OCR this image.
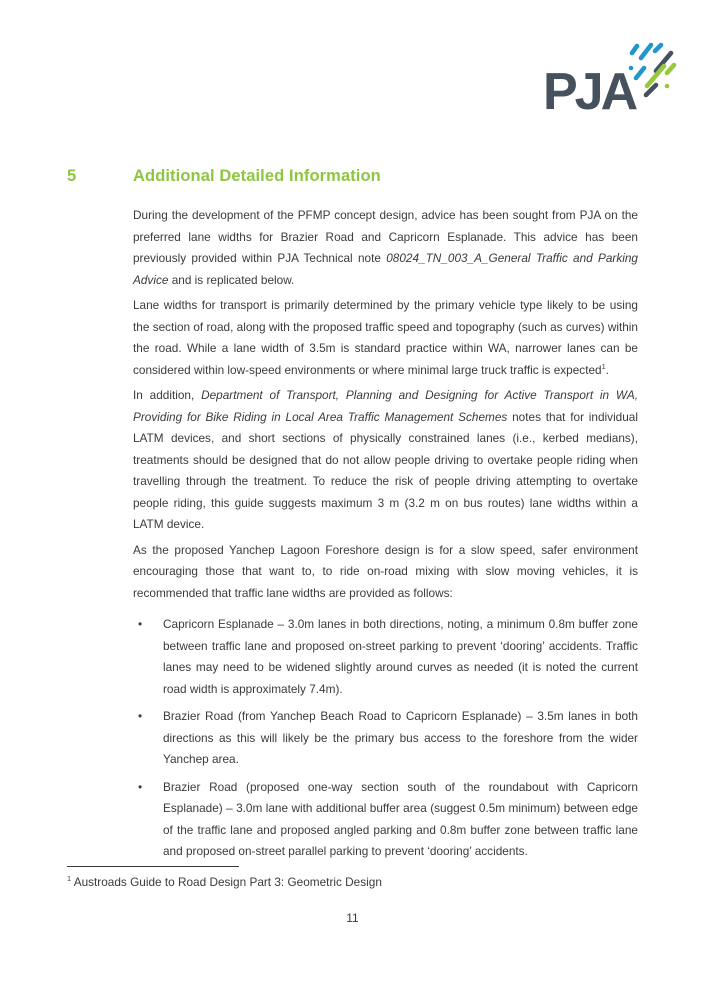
PJA
5	Additional Detailed Information

During the development of the PFMP concept design, advice has been sought from PJA on the preferred lane widths for Brazier Road and Capricorn Esplanade. This advice has been previously provided within PJA Technical note 08024_TN_003_A_General Traffic and Parking Advice and is replicated below.

Lane widths for transport is primarily determined by the primary vehicle type likely to be using the section of road, along with the proposed traffic speed and topography (such as curves) within the road. While a lane width of 3.5m is standard practice within WA, narrower lanes can be considered within low-speed environments or where minimal large truck traffic is expected$^1$.

In addition, Department of Transport, Planning and Designing for Active Transport in WA, Providing for Bike Riding in Local Area Traffic Management Schemes notes that for individual LATM devices, and short sections of physically constrained lanes (i.e., kerbed medians), treatments should be designed that do not allow people driving to overtake people riding when travelling through the treatment. To reduce the risk of people driving attempting to overtake people riding, this guide suggests maximum 3 m (3.2 m on bus routes) lane widths within a LATM device.

As the proposed Yanchep Lagoon Foreshore design is for a slow speed, safer environment encouraging those that want to, to ride on-road mixing with slow moving vehicles, it is recommended that traffic lane widths are provided as follows:

• Capricorn Esplanade – 3.0m lanes in both directions, noting, a minimum 0.8m buffer zone between traffic lane and proposed on-street parking to prevent ‘dooring’ accidents. Traffic lanes may need to be widened slightly around curves as needed (it is noted the current road width is approximately 7.4m).
• Brazier Road (from Yanchep Beach Road to Capricorn Esplanade) – 3.5m lanes in both directions as this will likely be the primary bus access to the foreshore from the wider Yanchep area.
• Brazier Road (proposed one-way section south of the roundabout with Capricorn Esplanade) – 3.0m lane with additional buffer area (suggest 0.5m minimum) between edge of the traffic lane and proposed angled parking and 0.8m buffer zone between traffic lane and proposed on-street parallel parking to prevent ‘dooring’ accidents.

$^1$ Austroads Guide to Road Design Part 3: Geometric Design

11
